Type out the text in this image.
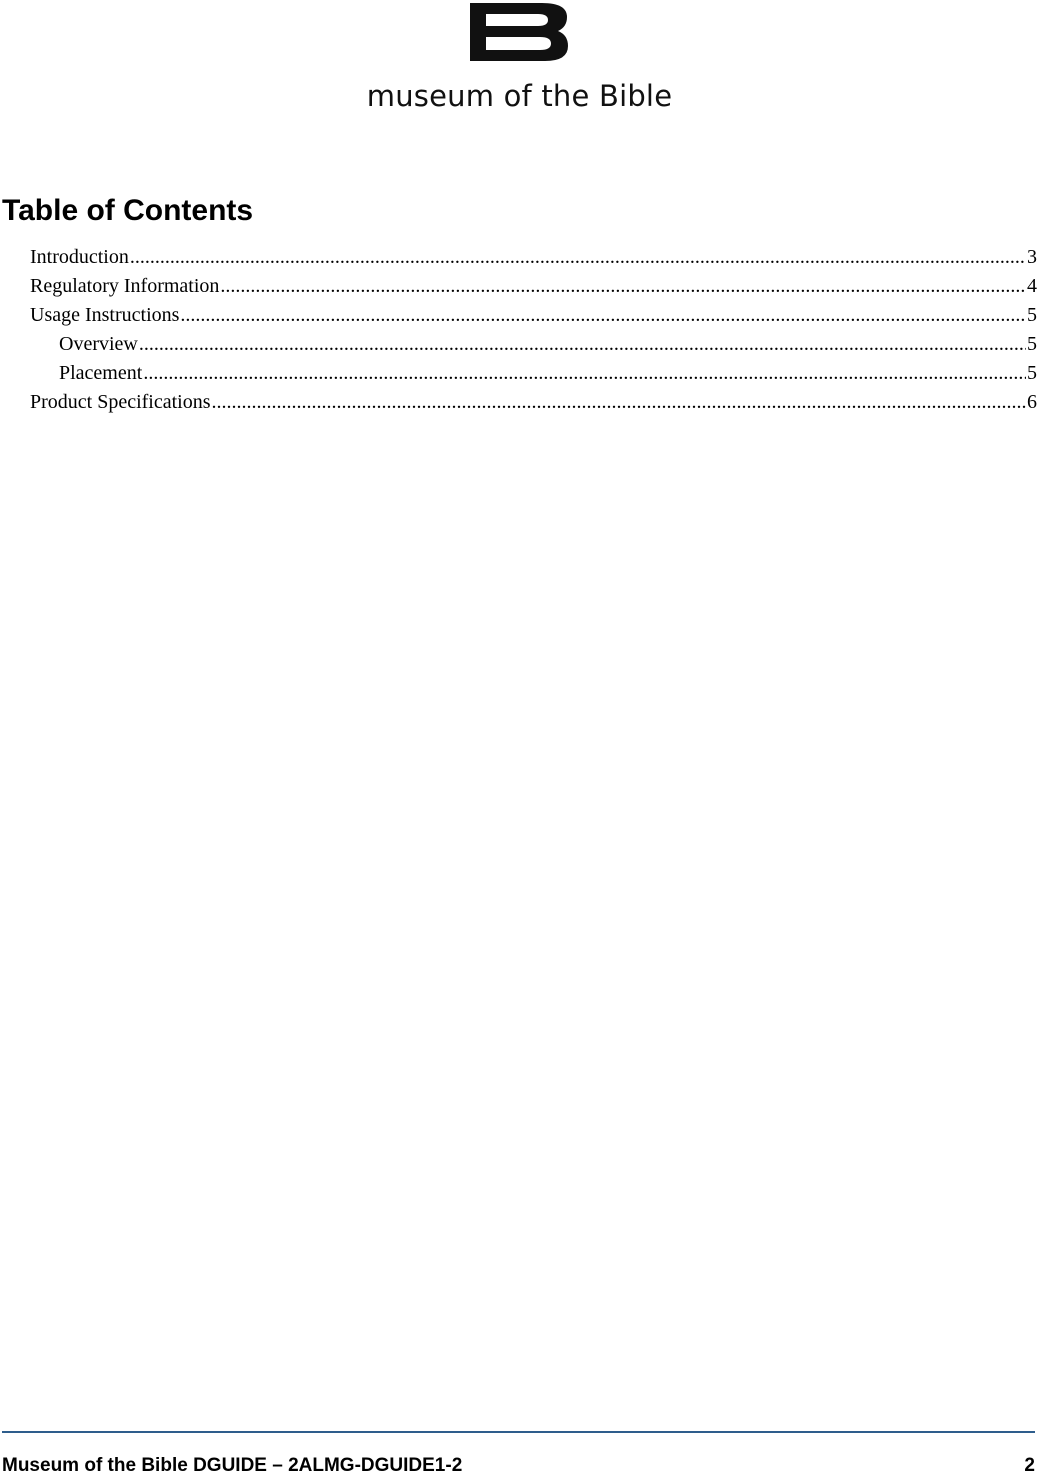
museum of the Bible
Table of Contents
Introduction .....	3
Regulatory Information .....	4
Usage Instructions .....	5
Overview .....	5
Placement .....	5
Product Specifications .....	6
Museum of the Bible DGUIDE – 2ALMG-DGUIDE1-2	2
